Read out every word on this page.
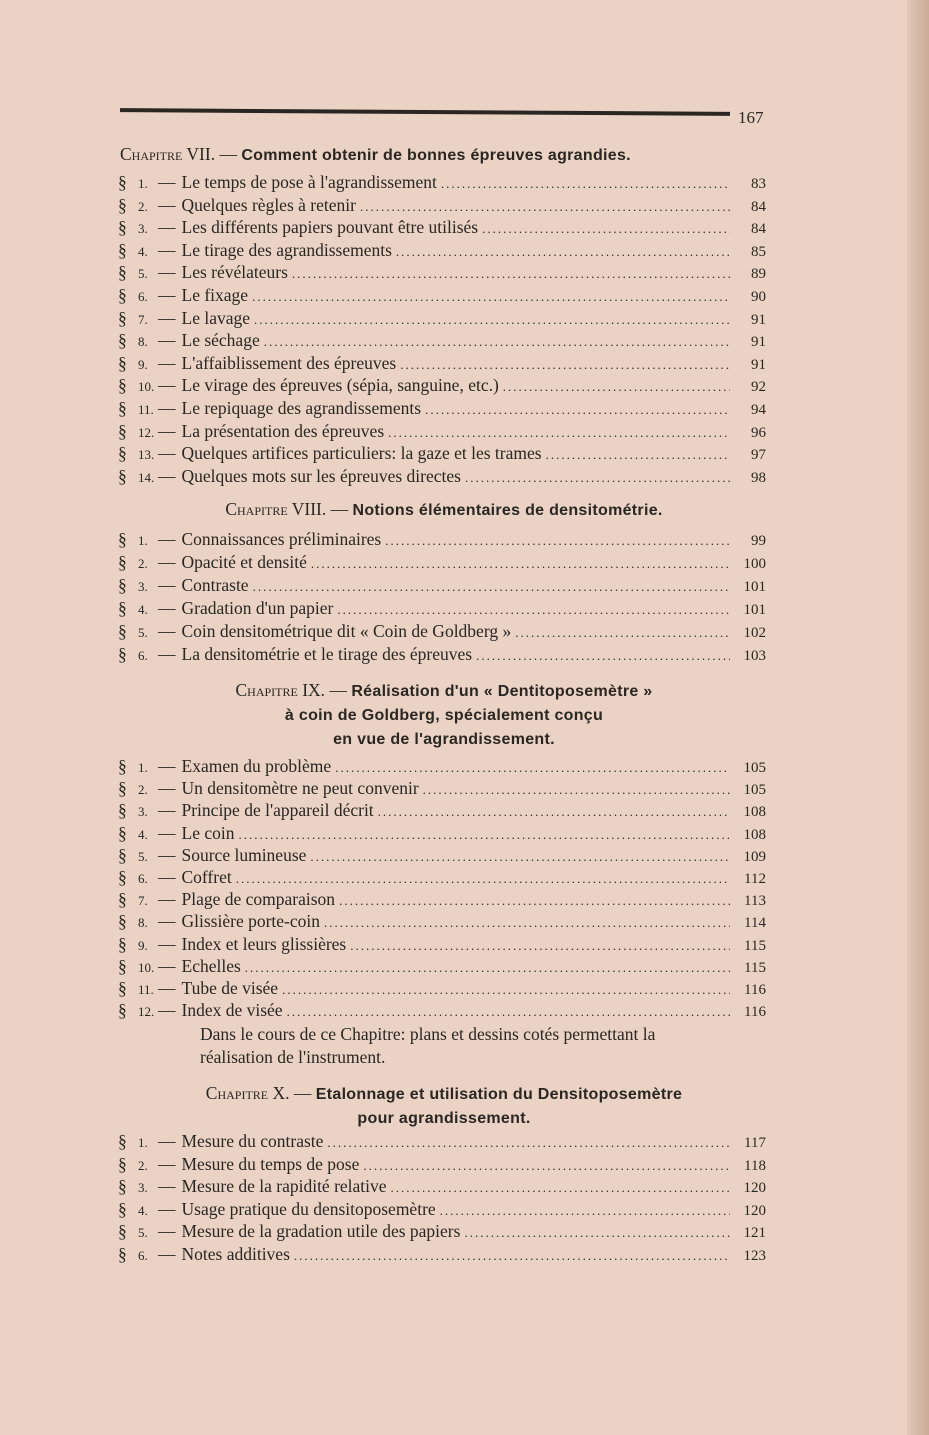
167
Chapitre VII. — Comment obtenir de bonnes épreuves agrandies.
§ 1. — Le temps de pose à l'agrandissement .....	83
§ 2. — Quelques règles à retenir .....	84
§ 3. — Les différents papiers pouvant être utilisés .....	84
§ 4. — Le tirage des agrandissements .....	85
§ 5. — Les révélateurs .....	89
§ 6. — Le fixage .....	90
§ 7. — Le lavage .....	91
§ 8. — Le séchage .....	91
§ 9. — L'affaiblissement des épreuves .....	91
§ 10. — Le virage des épreuves (sépia, sanguine, etc.) .....	92
§ 11. — Le repiquage des agrandissements .....	94
§ 12. — La présentation des épreuves .....	96
§ 13. — Quelques artifices particuliers: la gaze et les trames .....	97
§ 14. — Quelques mots sur les épreuves directes .....	98
Chapitre VIII. — Notions élémentaires de densitométrie.
§ 1. — Connaissances préliminaires .....	99
§ 2. — Opacité et densité .....	100
§ 3. — Contraste .....	101
§ 4. — Gradation d'un papier .....	101
§ 5. — Coin densitométrique dit « Coin de Goldberg » .....	102
§ 6. — La densitométrie et le tirage des épreuves .....	103
Chapitre IX. — Réalisation d'un « Dentitoposemètre »
à coin de Goldberg, spécialement conçu
en vue de l'agrandissement.
§ 1. — Examen du problème .....	105
§ 2. — Un densitomètre ne peut convenir .....	105
§ 3. — Principe de l'appareil décrit .....	108
§ 4. — Le coin .....	108
§ 5. — Source lumineuse .....	109
§ 6. — Coffret .....	112
§ 7. — Plage de comparaison .....	113
§ 8. — Glissière porte-coin .....	114
§ 9. — Index et leurs glissières .....	115
§ 10. — Echelles .....	115
§ 11. — Tube de visée .....	116
§ 12. — Index de visée .....	116
Dans le cours de ce Chapitre: plans et dessins cotés permettant la réalisation de l'instrument.
Chapitre X. — Etalonnage et utilisation du Densitoposemètre
pour agrandissement.
§ 1. — Mesure du contraste .....	117
§ 2. — Mesure du temps de pose .....	118
§ 3. — Mesure de la rapidité relative .....	120
§ 4. — Usage pratique du densitoposemètre .....	120
§ 5. — Mesure de la gradation utile des papiers .....	121
§ 6. — Notes additives .....	123
